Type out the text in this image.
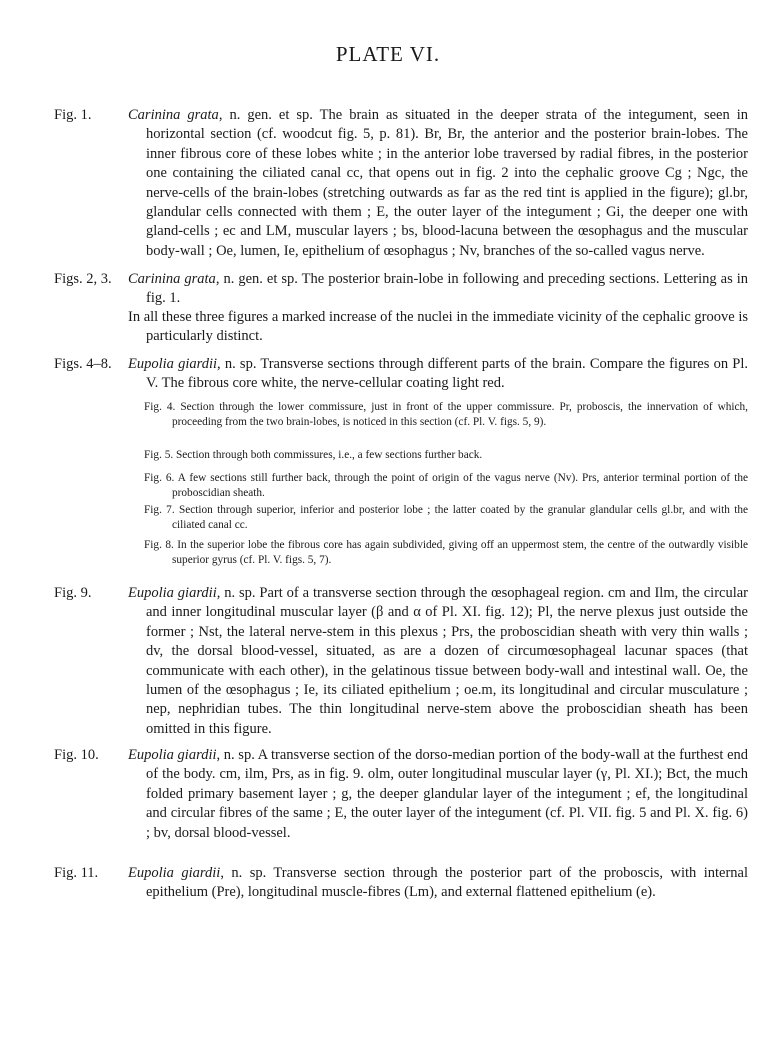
PLATE VI.
Fig. 1.	Carinina grata, n. gen. et sp. The brain as situated in the deeper strata of the integument, seen in horizontal section (cf. woodcut fig. 5, p. 81). Br, Br, the anterior and the posterior brain-lobes. The inner fibrous core of these lobes white ; in the anterior lobe traversed by radial fibres, in the posterior one containing the ciliated canal cc, that opens out in fig. 2 into the cephalic groove Cg ; Ngc, the nerve-cells of the brain-lobes (stretching outwards as far as the red tint is applied in the figure); gl.br, glandular cells connected with them ; E, the outer layer of the integument ; Gi, the deeper one with gland-cells ; ec and LM, muscular layers ; bs, blood-lacuna between the œsophagus and the muscular body-wall ; Oe, lumen, Ie, epithelium of œsophagus ; Nv, branches of the so-called vagus nerve.
Figs. 2, 3. Carinina grata, n. gen. et sp. The posterior brain-lobe in following and preceding sections. Lettering as in fig. 1.
In all these three figures a marked increase of the nuclei in the immediate vicinity of the cephalic groove is particularly distinct.
Figs. 4–8. Eupolia giardii, n. sp. Transverse sections through different parts of the brain. Compare the figures on Pl. V. The fibrous core white, the nerve-cellular coating light red.
Fig. 4. Section through the lower commissure, just in front of the upper commissure. Pr, proboscis, the innervation of which, proceeding from the two brain-lobes, is noticed in this section (cf. Pl. V. figs. 5, 9).
Fig. 5. Section through both commissures, i.e., a few sections further back.
Fig. 6. A few sections still further back, through the point of origin of the vagus nerve (Nv). Prs, anterior terminal portion of the proboscidian sheath.
Fig. 7. Section through superior, inferior and posterior lobe ; the latter coated by the granular glandular cells gl.br, and with the ciliated canal cc.
Fig. 8. In the superior lobe the fibrous core has again subdivided, giving off an uppermost stem, the centre of the outwardly visible superior gyrus (cf. Pl. V. figs. 5, 7).
Fig. 9.	Eupolia giardii, n. sp. Part of a transverse section through the œsophageal region. cm and Ilm, the circular and inner longitudinal muscular layer (β and α of Pl. XI. fig. 12); Pl, the nerve plexus just outside the former ; Nst, the lateral nerve-stem in this plexus ; Prs, the proboscidian sheath with very thin walls ; dv, the dorsal blood-vessel, situated, as are a dozen of circumœsophageal lacunar spaces (that communicate with each other), in the gelatinous tissue between body-wall and intestinal wall. Oe, the lumen of the œsophagus ; Ie, its ciliated epithelium ; oe.m, its longitudinal and circular musculature ; nep, nephridian tubes. The thin longitudinal nerve-stem above the proboscidian sheath has been omitted in this figure.
Fig. 10. Eupolia giardii, n. sp. A transverse section of the dorso-median portion of the body-wall at the furthest end of the body. cm, ilm, Prs, as in fig. 9. olm, outer longitudinal muscular layer (γ, Pl. XI.); Bct, the much folded primary basement layer ; g, the deeper glandular layer of the integument ; ef, the longitudinal and circular fibres of the same ; E, the outer layer of the integument (cf. Pl. VII. fig. 5 and Pl. X. fig. 6) ; bv, dorsal blood-vessel.
Fig. 11. Eupolia giardii, n. sp. Transverse section through the posterior part of the proboscis, with internal epithelium (Pre), longitudinal muscle-fibres (Lm), and external flattened epithelium (e).
